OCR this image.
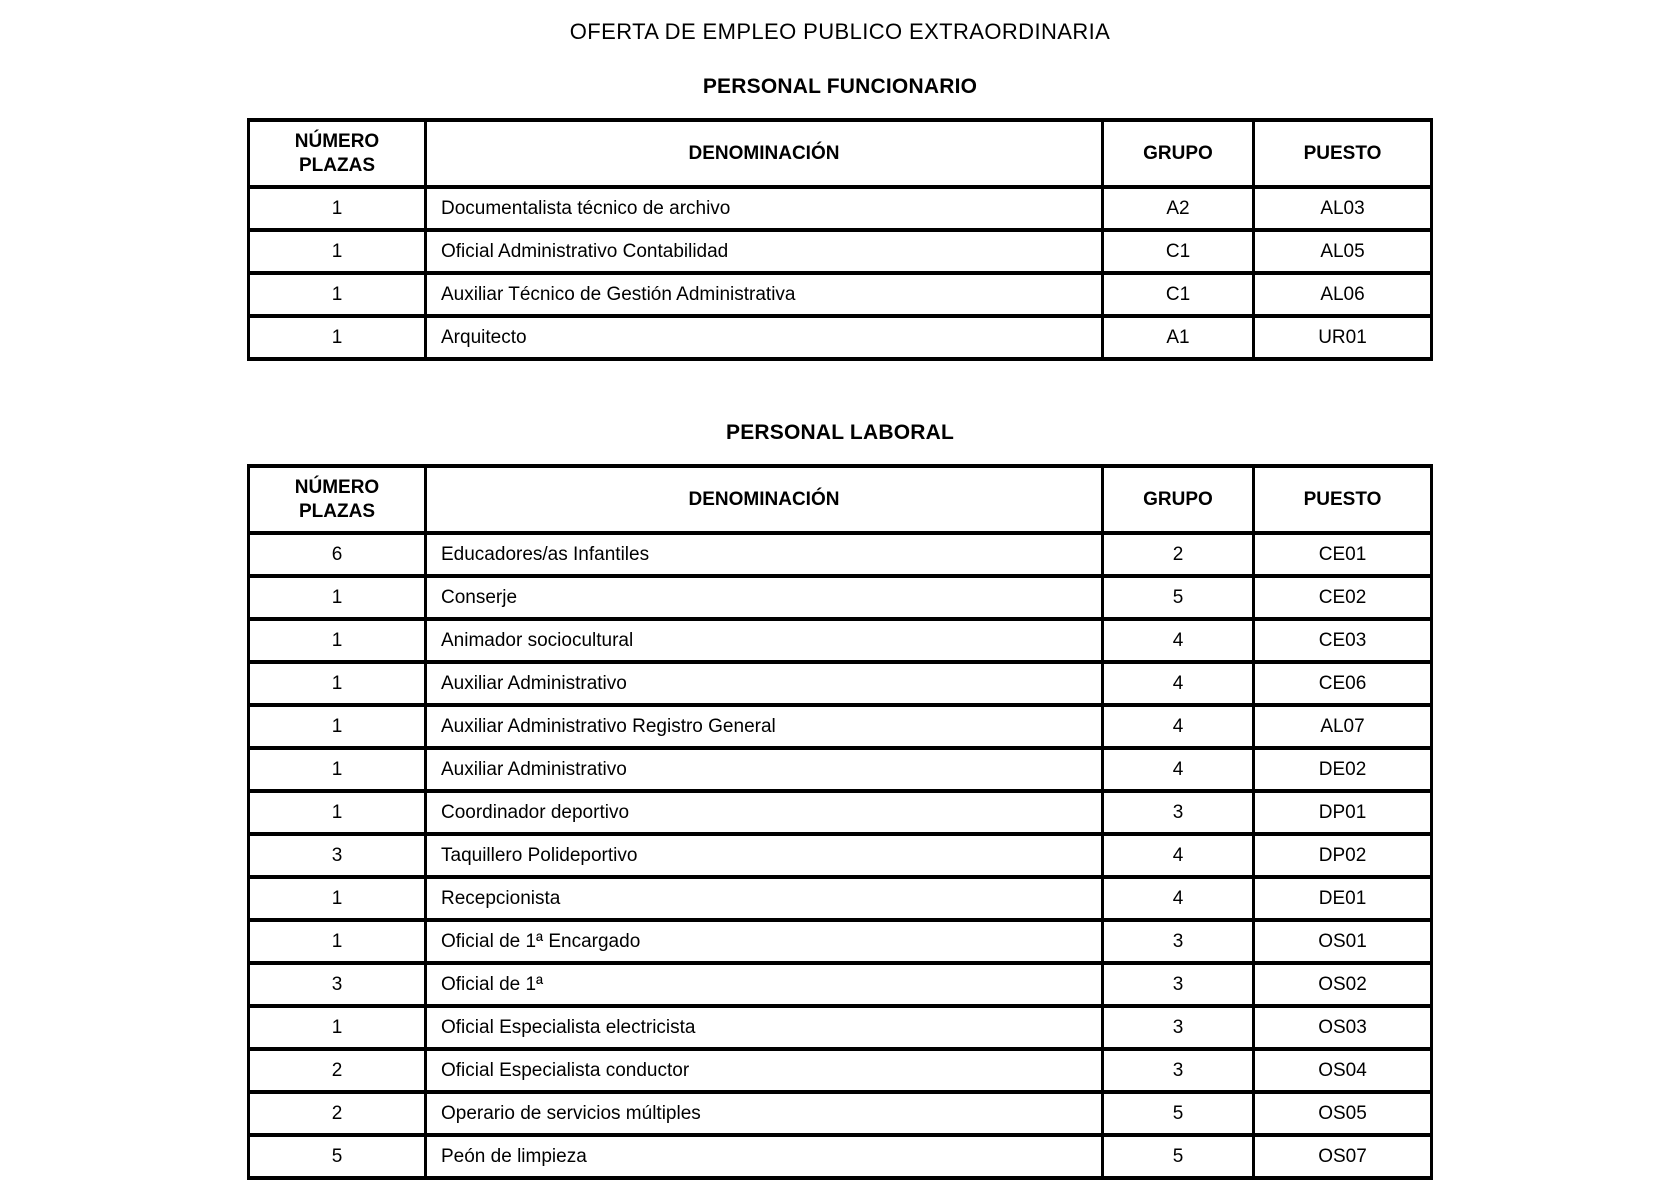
OFERTA DE EMPLEO PUBLICO EXTRAORDINARIA
PERSONAL FUNCIONARIO
NÚMERO PLAZAS	DENOMINACIÓN	GRUPO	PUESTO
1	Documentalista técnico de archivo	A2	AL03
1	Oficial Administrativo Contabilidad	C1	AL05
1	Auxiliar Técnico de Gestión Administrativa	C1	AL06
1	Arquitecto	A1	UR01
PERSONAL LABORAL
NÚMERO PLAZAS	DENOMINACIÓN	GRUPO	PUESTO
6	Educadores/as Infantiles	2	CE01
1	Conserje	5	CE02
1	Animador sociocultural	4	CE03
1	Auxiliar Administrativo	4	CE06
1	Auxiliar Administrativo Registro General	4	AL07
1	Auxiliar Administrativo	4	DE02
1	Coordinador deportivo	3	DP01
3	Taquillero Polideportivo	4	DP02
1	Recepcionista	4	DE01
1	Oficial de 1ª Encargado	3	OS01
3	Oficial de 1ª	3	OS02
1	Oficial Especialista electricista	3	OS03
2	Oficial Especialista conductor	3	OS04
2	Operario de servicios múltiples	5	OS05
5	Peón de limpieza	5	OS07
